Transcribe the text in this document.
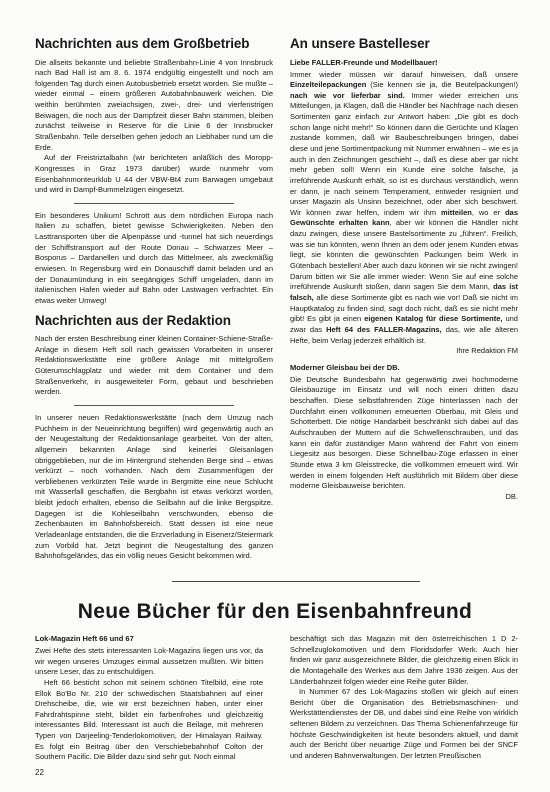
Nachrichten aus dem Großbetrieb

Die allseits bekannte und beliebte Straßenbahn-Linie 4 von Innsbruck nach Bad Hall ist am 8. 6. 1974 endgültig eingestellt und noch am folgenden Tag durch einen Autobusbetrieb ersetzt worden. Sie mußte – wieder einmal – einem größeren Autobahnbauwerk weichen. Die weithin berühmten zweiachsigen, zwei-, drei- und vierfenstrigen Beiwagen, die noch aus der Dampfzeit dieser Bahn stammen, bleiben zunächst teilweise in Reserve für die Linie 6 der Innsbrucker Straßenbahn. Teile derselben gehen jedoch an Liebhaber rund um die Erde.

Auf der Freistriztalbahn (wir berichteten anläßlich des Moropp-Kongresses in Graz 1973 darüber) wurde nunmehr vom Eisenbahnmonteurklub U 44 der VBW-Bt4 zum Barwagen umgebaut und wird in Dampf-Bummelzügen eingesetzt.

Ein besonderes Unikum! Schrott aus dem nördlichen Europa nach Italien zu schaffen, bietet gewisse Schwierigkeiten. Neben den Lasttransporten über die Alpenpässe und -tunnel hat sich neuerdings der Schiffstransport auf der Route Donau – Schwarzes Meer – Bosporus – Dardanellen und durch das Mittelmeer, als zweckmäßig erwiesen. In Regensburg wird ein Donauschiff damit beladen und an der Donaumündung in ein seegängiges Schiff umgeladen, dann im italienischen Hafen wieder auf Bahn oder Lastwagen verfrachtet. Ein etwas weiter Umweg!

Nachrichten aus der Redaktion

Nach der ersten Beschreibung einer kleinen Container-Schiene-Straße-Anlage in diesem Heft soll nach gewissen Vorarbeiten in unserer Redaktionswerkstätte eine größere Anlage mit mittelgroßem Güterumschlagplatz und wieder mit dem Container und dem Straßenverkehr, in ausgeweiteter Form, gebaut und beschrieben werden.

In unserer neuen Redaktionswerkstätte (nach dem Umzug nach Puchheim in der Neueinrichtung begriffen) wird gegenwärtig auch an der Neugestaltung der Redaktionsanlage gearbeitet. Von der alten, allgemein bekannten Anlage sind keinerlei Gleisanlagen übriggeblieben, nur die im Hintergrund stehenden Berge sind – etwas verkürzt – noch vorhanden. Nach dem Zusammenfügen der verbliebenen verkürzten Teile wurde in Bergmitte eine neue Schlucht mit Wasserfall geschaffen, die Bergbahn ist etwas verkürzt worden, bleibt jedoch erhalten, ebenso die Seilbahn auf die linke Bergspitze. Dagegen ist die Kohleseilbahn verschwunden, ebenso die Zechenbauten im Bahnhofsbereich. Statt dessen ist eine neue Verladeanlage entstanden, die die Erzverladung in Eisenerz/Steiermark zum Vorbild hat. Jetzt beginnt die Neugestaltung des ganzen Bahnhofsgeländes, das ein völlig neues Gesicht bekommen wird.

An unsere Bastelleser
Liebe FALLER-Freunde und Modellbauer!

Immer wieder müssen wir darauf hinweisen, daß unsere Einzelteilepackungen (Sie kennen sie ja, die Beutelpackungen!) nach wie vor lieferbar sind. Immer wieder erreichen uns Mitteilungen, ja Klagen, daß die Händler bei Nachfrage nach diesen Sortimenten ganz einfach zur Antwort haben: „Die gibt es doch schon lange nicht mehr!“ So können dann die Gerüchte und Klagen zustande kommen, daß wir Baubeschreibungen bringen, dabei diese und jene Sortimentpackung mit Nummer erwähnen – wie es ja auch in den Zeichnungen geschieht –, daß es diese aber gar nicht mehr geben soll! Wenn ein Kunde eine solche falsche, ja irreführende Auskunft erhält, so ist es durchaus verständlich, wenn er dann, je nach seinem Temperament, entweder resigniert und unser Magazin als Unsinn bezeichnet, oder aber sich beschwert. Wir können zwar helfen, indem wir ihm mitteilen, wo er das Gewünschte erhalten kann, aber wir können die Händler nicht dazu zwingen, diese unsere Bastelsortimente zu „führen“. Freilich, was sie tun könnten, wenn Ihnen an dem oder jenem Kunden etwas liegt, sie könnten die gewünschten Packungen beim Werk in Gütenbach bestellen! Aber auch dazu können wir sie nicht zwingen! Darum bitten wir Sie alle immer wieder: Wenn Sie auf eine solche irreführende Auskunft stoßen, dann sagen Sie dem Mann, das ist falsch, alle diese Sortimente gibt es nach wie vor! Daß sie nicht im Hauptkatalog zu finden sind, sagt doch nicht, daß es sie nicht mehr gibt! Es gibt ja einen eigenen Katalog für diese Sortimente, und zwar das Heft 64 des FALLER-Magazins, das, wie alle älteren Hefte, beim Verlag jederzeit erhältlich ist.

Ihre Redaktion FM

Moderner Gleisbau bei der DB.

Die Deutsche Bundesbahn hat gegenwärtig zwei hochmoderne Gleisbauzüge im Einsatz und will noch einen dritten dazu beschaffen. Diese selbstfahrenden Züge hinterlassen nach der Durchfahrt einen vollkommen erneuerten Oberbau, mit Gleis und Schotterbett. Die nötige Handarbeit beschränkt sich dabei auf das Aufschrauben der Muttern auf die Schwellenschrauben, und das kann ein dafür zuständiger Mann während der Fahrt von einem Liegesitz aus besorgen. Diese Schnellbau-Züge erfassen in einer Stunde etwa 3 km Gleisstrecke, die vollkommen erneuert wird. Wir werden in einem folgenden Heft ausführlich mit Bildern über diese moderne Gleisbauweise berichten.

DB.

Neue Bücher für den Eisenbahnfreund
Lok-Magazin Heft 66 und 67

Zwei Hefte des stets interessanten Lok-Magazins liegen uns vor, da wir wegen unseres Umzuges einmal aussetzen mußten. Wir bitten unsere Leser, das zu entschuldigen.

Heft 66 besticht schon mit seinem schönen Titelbild, eine rote Ellok Bo'Bo Nr. 210 der schwedischen Staatsbahnen auf einer Drehscheibe, die, wie wir erst bezeichnen haben, unter einer Fahrdrahtspinne steht, bildet ein farbenfrohes und gleichzeitig interessantes Bild. Interessant ist auch die Beilage, mit mehreren Typen von Darjeeling-Tenderlokomotiven, der Himalayan Railway. Es folgt ein Beitrag über den Verschiebebahnhof Colton der Southern Pacific. Die Bilder dazu sind sehr gut. Noch einmal

beschäftigt sich das Magazin mit den österreichischen 1 D 2-Schnellzuglokomotiven und dem Floridsdorfer Werk. Auch hier finden wir ganz ausgezeichnete Bilder, die gleichzeitig einen Blick in die Montagehalle des Werkes aus dem Jahre 1936 zeigen. Aus der Länderbahnzeit folgen wieder eine Reihe guter Bilder.

In Nummer 67 des Lok-Magazins stoßen wir gleich auf einen Bericht über die Organisation des Betriebsmaschinen- und Werkstättendienstes der DB, und dabei sind eine Reihe von wirklich seltenen Bildern zu verzeichnen. Das Thema Schienenfahrzeuge für höchste Geschwindigkeiten ist heute besonders aktuell, und damit auch der Bericht über neuartige Züge und Formen bei der SNCF und anderen Bahnverwaltungen. Der letzten Preußischen

22
